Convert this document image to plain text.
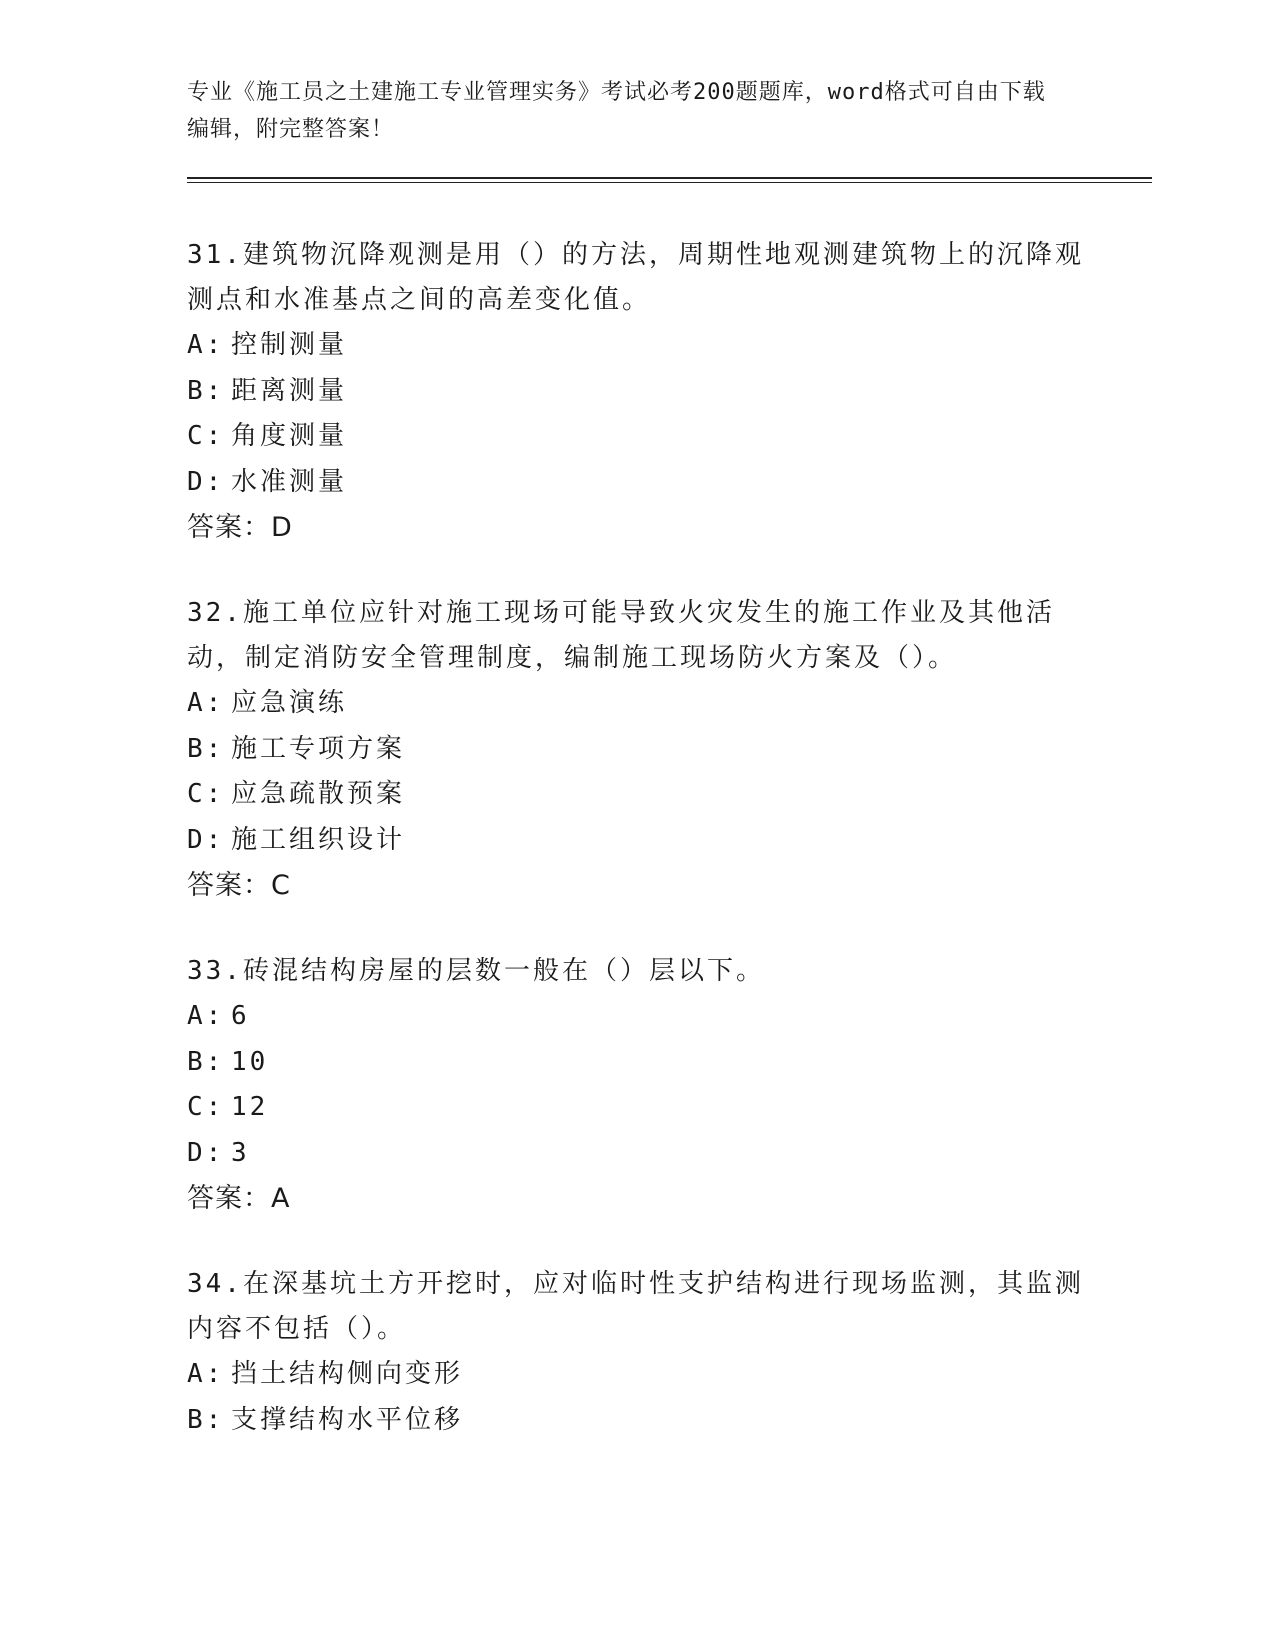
专业《施工员之土建施工专业管理实务》考试必考200题题库，word格式可自由下载编辑，附完整答案！

31.建筑物沉降观测是用（）的方法，周期性地观测建筑物上的沉降观测点和水准基点之间的高差变化值。

A: 控制测量

B: 距离测量

C: 角度测量

D: 水准测量

答案：D

32.施工单位应针对施工现场可能导致火灾发生的施工作业及其他活动，制定消防安全管理制度，编制施工现场防火方案及（）。

A: 应急演练

B: 施工专项方案

C: 应急疏散预案

D: 施工组织设计

答案：C

33.砖混结构房屋的层数一般在（）层以下。

A: 6

B: 10

C: 12

D: 3

答案：A

34.在深基坑土方开挖时，应对临时性支护结构进行现场监测，其监测内容不包括（）。

A: 挡土结构侧向变形

B: 支撑结构水平位移
